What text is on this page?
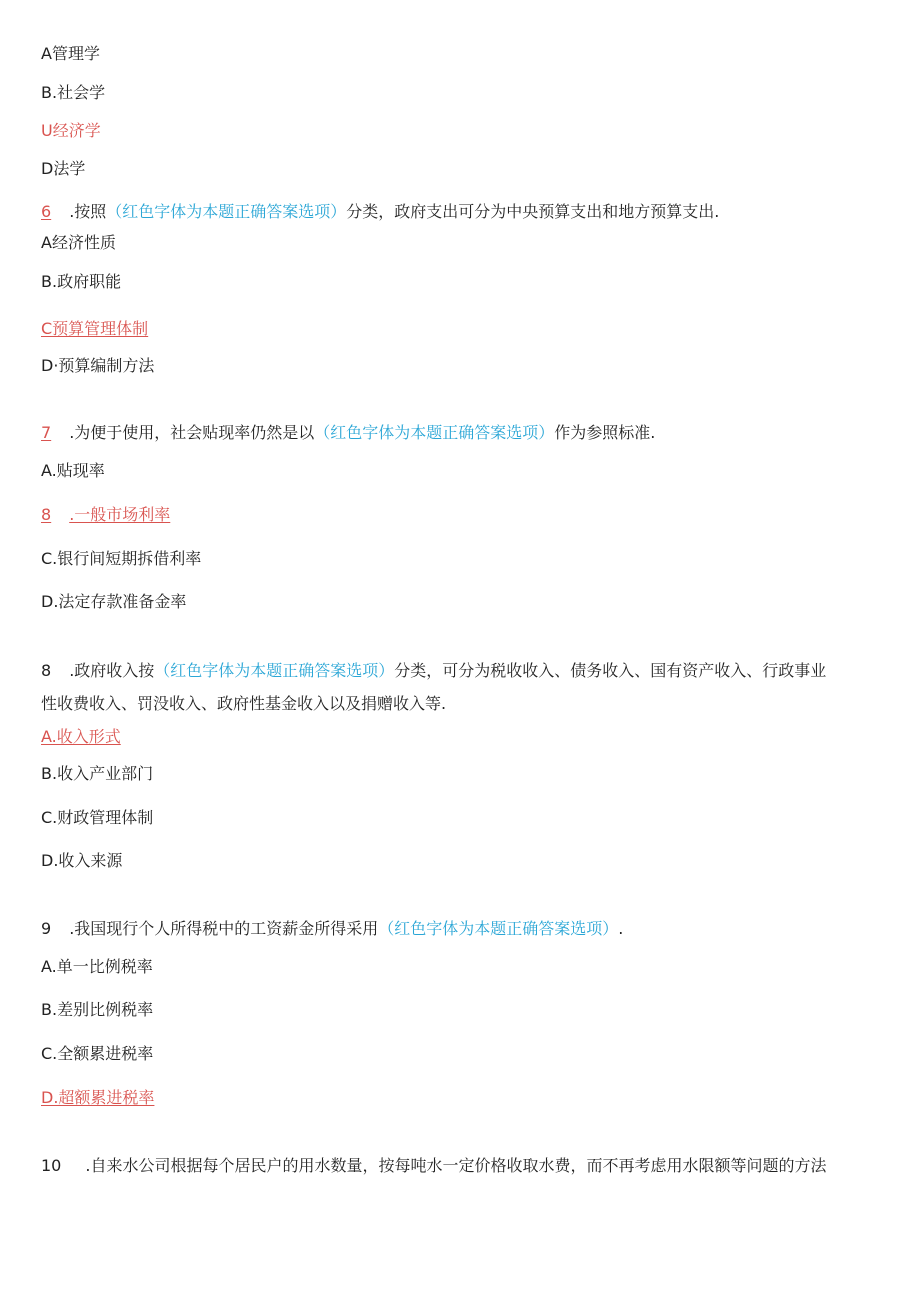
A管理学
B.社会学
U经济学
D法学
6 .按照（红色字体为本题正确答案选项）分类，政府支出可分为中央预算支出和地方预算支出.
A经济性质
B.政府职能
C预算管理体制
D·预算编制方法
7 .为便于使用，社会贴现率仍然是以（红色字体为本题正确答案选项）作为参照标准.
A.贴现率
8 .一般市场利率
C.银行间短期拆借利率
D.法定存款准备金率
8 .政府收入按（红色字体为本题正确答案选项）分类，可分为税收收入、债务收入、国有资产收入、行政事业
性收费收入、罚没收入、政府性基金收入以及捐赠收入等.
A.收入形式
B.收入产业部门
C.财政管理体制
D.收入来源
9 .我国现行个人所得税中的工资薪金所得采用（红色字体为本题正确答案选项）.
A.单一比例税率
B.差别比例税率
C.全额累进税率
D.超额累进税率
10 .自来水公司根据每个居民户的用水数量，按每吨水一定价格收取水费，而不再考虑用水限额等问题的方法
